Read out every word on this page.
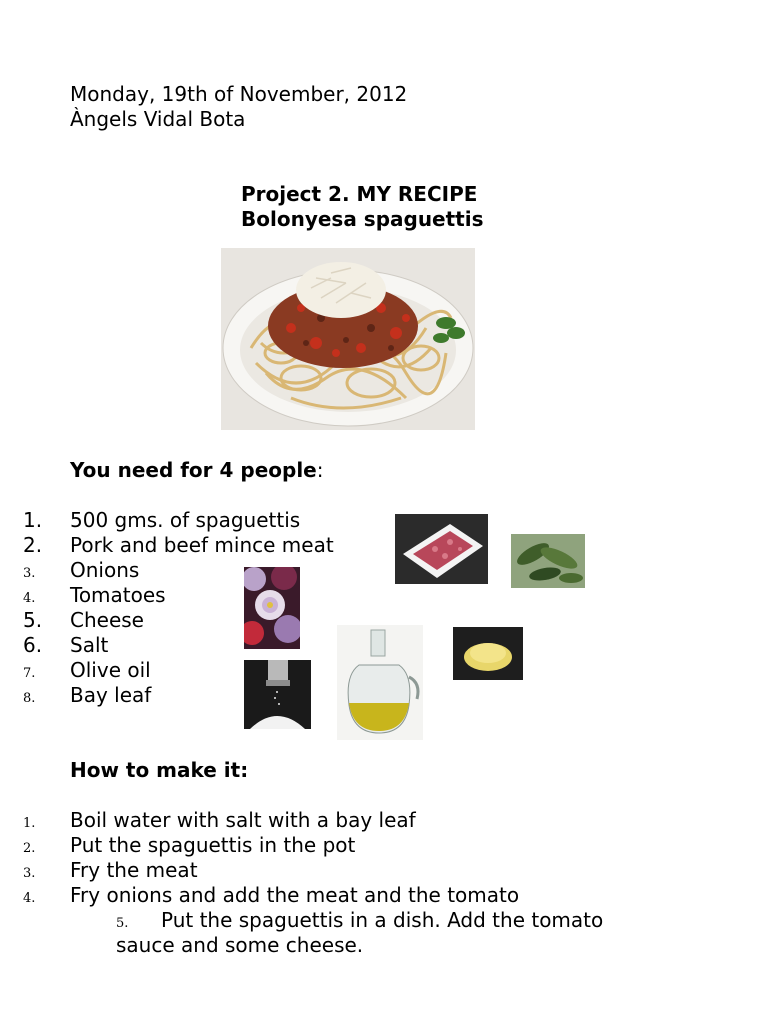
Monday, 19th of November, 2012
Àngels Vidal Bota
Project 2. MY RECIPE
Bolonyesa spaguettis
You need for 4 people:
1. 500 gms. of spaguettis
2. Pork and beef mince meat
3. Onions
4. Tomatoes
5. Cheese
6. Salt
7. Olive oil
8. Bay leaf
How to make it:
1. Boil water with salt with a bay leaf
2. Put the spaguettis in the pot
3. Fry the meat
4. Fry onions and add the meat and the tomato
5. Put the spaguettis in a dish. Add the tomato
sauce and some cheese.
